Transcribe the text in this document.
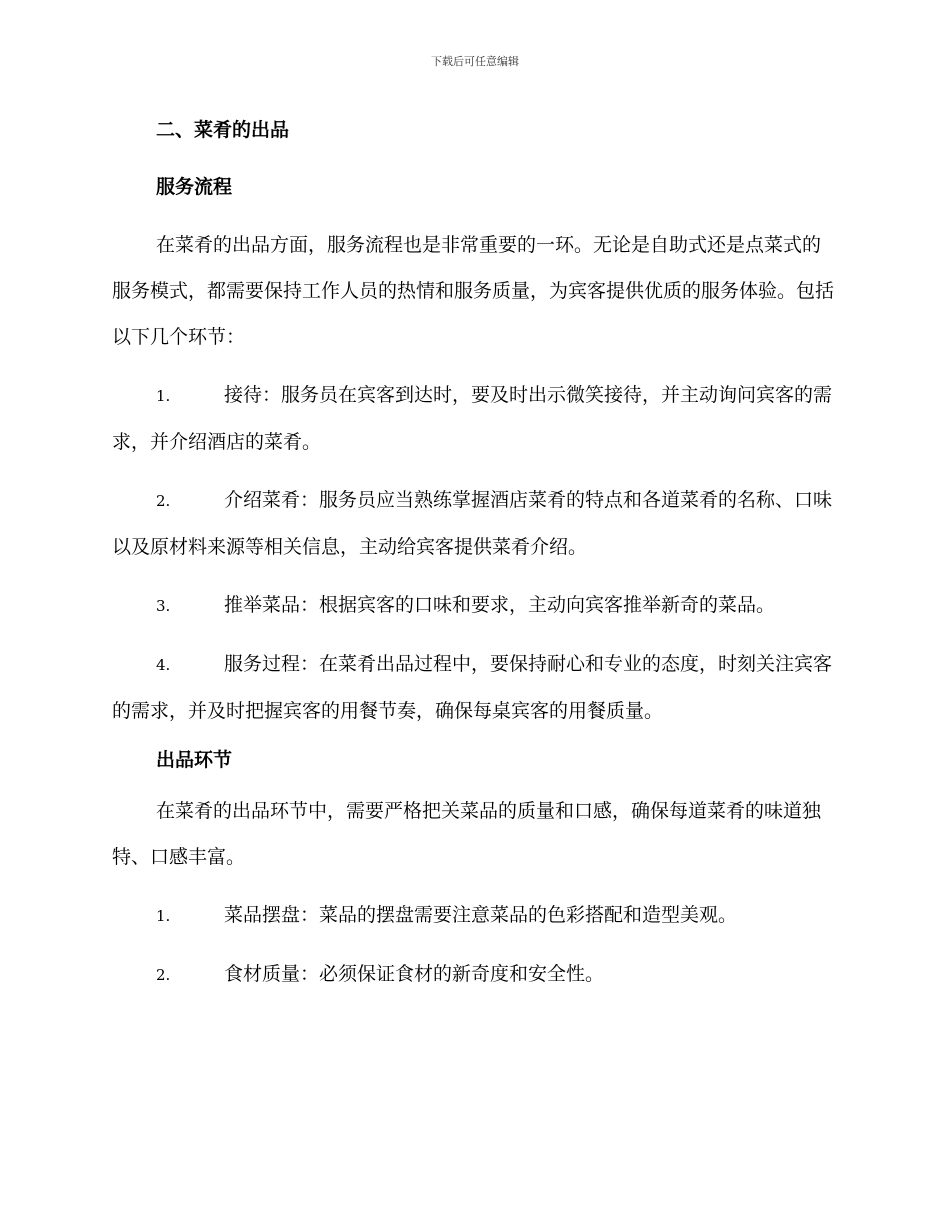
下载后可任意编辑

二、菜肴的出品

服务流程

在菜肴的出品方面，服务流程也是非常重要的一环。无论是自助式还是点菜式的服务模式，都需要保持工作人员的热情和服务质量，为宾客提供优质的服务体验。包括以下几个环节：

1.	接待：服务员在宾客到达时，要及时出示微笑接待，并主动询问宾客的需求，并介绍酒店的菜肴。

2.	介绍菜肴：服务员应当熟练掌握酒店菜肴的特点和各道菜肴的名称、口味以及原材料来源等相关信息，主动给宾客提供菜肴介绍。

3.	推举菜品：根据宾客的口味和要求，主动向宾客推举新奇的菜品。

4.	服务过程：在菜肴出品过程中，要保持耐心和专业的态度，时刻关注宾客的需求，并及时把握宾客的用餐节奏，确保每桌宾客的用餐质量。

出品环节

在菜肴的出品环节中，需要严格把关菜品的质量和口感，确保每道菜肴的味道独特、口感丰富。

1.	菜品摆盘：菜品的摆盘需要注意菜品的色彩搭配和造型美观。

2.	食材质量：必须保证食材的新奇度和安全性。
